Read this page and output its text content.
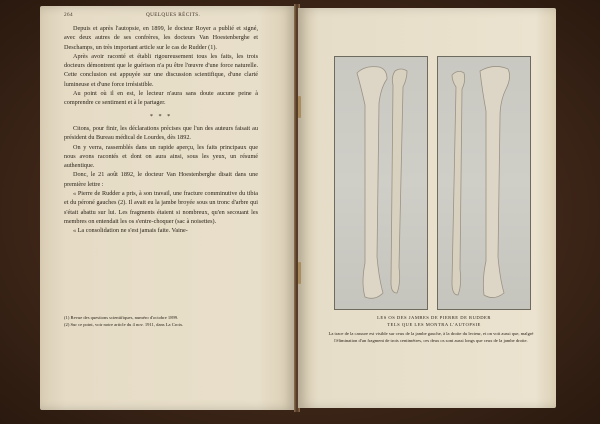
264	QUELQUES RÉCITS.

Depuis et après l'autopsie, en 1899, le docteur Royer a publié et signé, avec deux autres de ses confrères, les docteurs Van Hoestenberghe et Deschamps, un très important article sur le cas de Rudder (1).

Après avoir raconté et établi rigoureusement tous les faits, les trois docteurs démontrent que le guérison n'a pu être l'œuvre d'une force naturelle. Cette conclusion est appuyée sur une discussion scientifique, d'une clarté lumineuse et d'une force irrésistible.

Au point où il en est, le lecteur n'aura sans doute aucune peine à comprendre ce sentiment et à le partager.

* * *

Citons, pour finir, les déclarations précises que l'un des auteurs faisait au président du Bureau médical de Lourdes, dès 1892.

On y verra, rassemblés dans un rapide aperçu, les faits principaux que nous avons racontés et dont on aura ainsi, sous les yeux, un résumé authentique.

Donc, le 21 août 1892, le docteur Van Hoestenberghe disait dans une première lettre :

« Pierre de Rudder a pris, à son travail, une fracture comminutive du tibia et du péroné gauches (2). Il avait eu la jambe broyée sous un tronc d'arbre qui s'était abattu sur lui. Les fragments étaient si nombreux, qu'en secouant les membres on entendait les os s'entre-choquer (sac à noisettes).

« La consolidation ne s'est jamais faite. Vaine-

(1) Revue des questions scientifiques, numéro d'octobre 1899.

(2) Sur ce point, voir notre article du 4 nov. 1911, dans La Croix.

LES OS DES JAMBES DE PIERRE DE RUDDER
TELS QUE LES MONTRA L'AUTOPSIE
La trace de la cassure est visible sur ceux de la jambe gauche, à la droite du lecteur, et on voit aussi que, malgré l'élimination d'un fragment de trois centimètres, ces deux os sont aussi longs que ceux de la jambe droite.
